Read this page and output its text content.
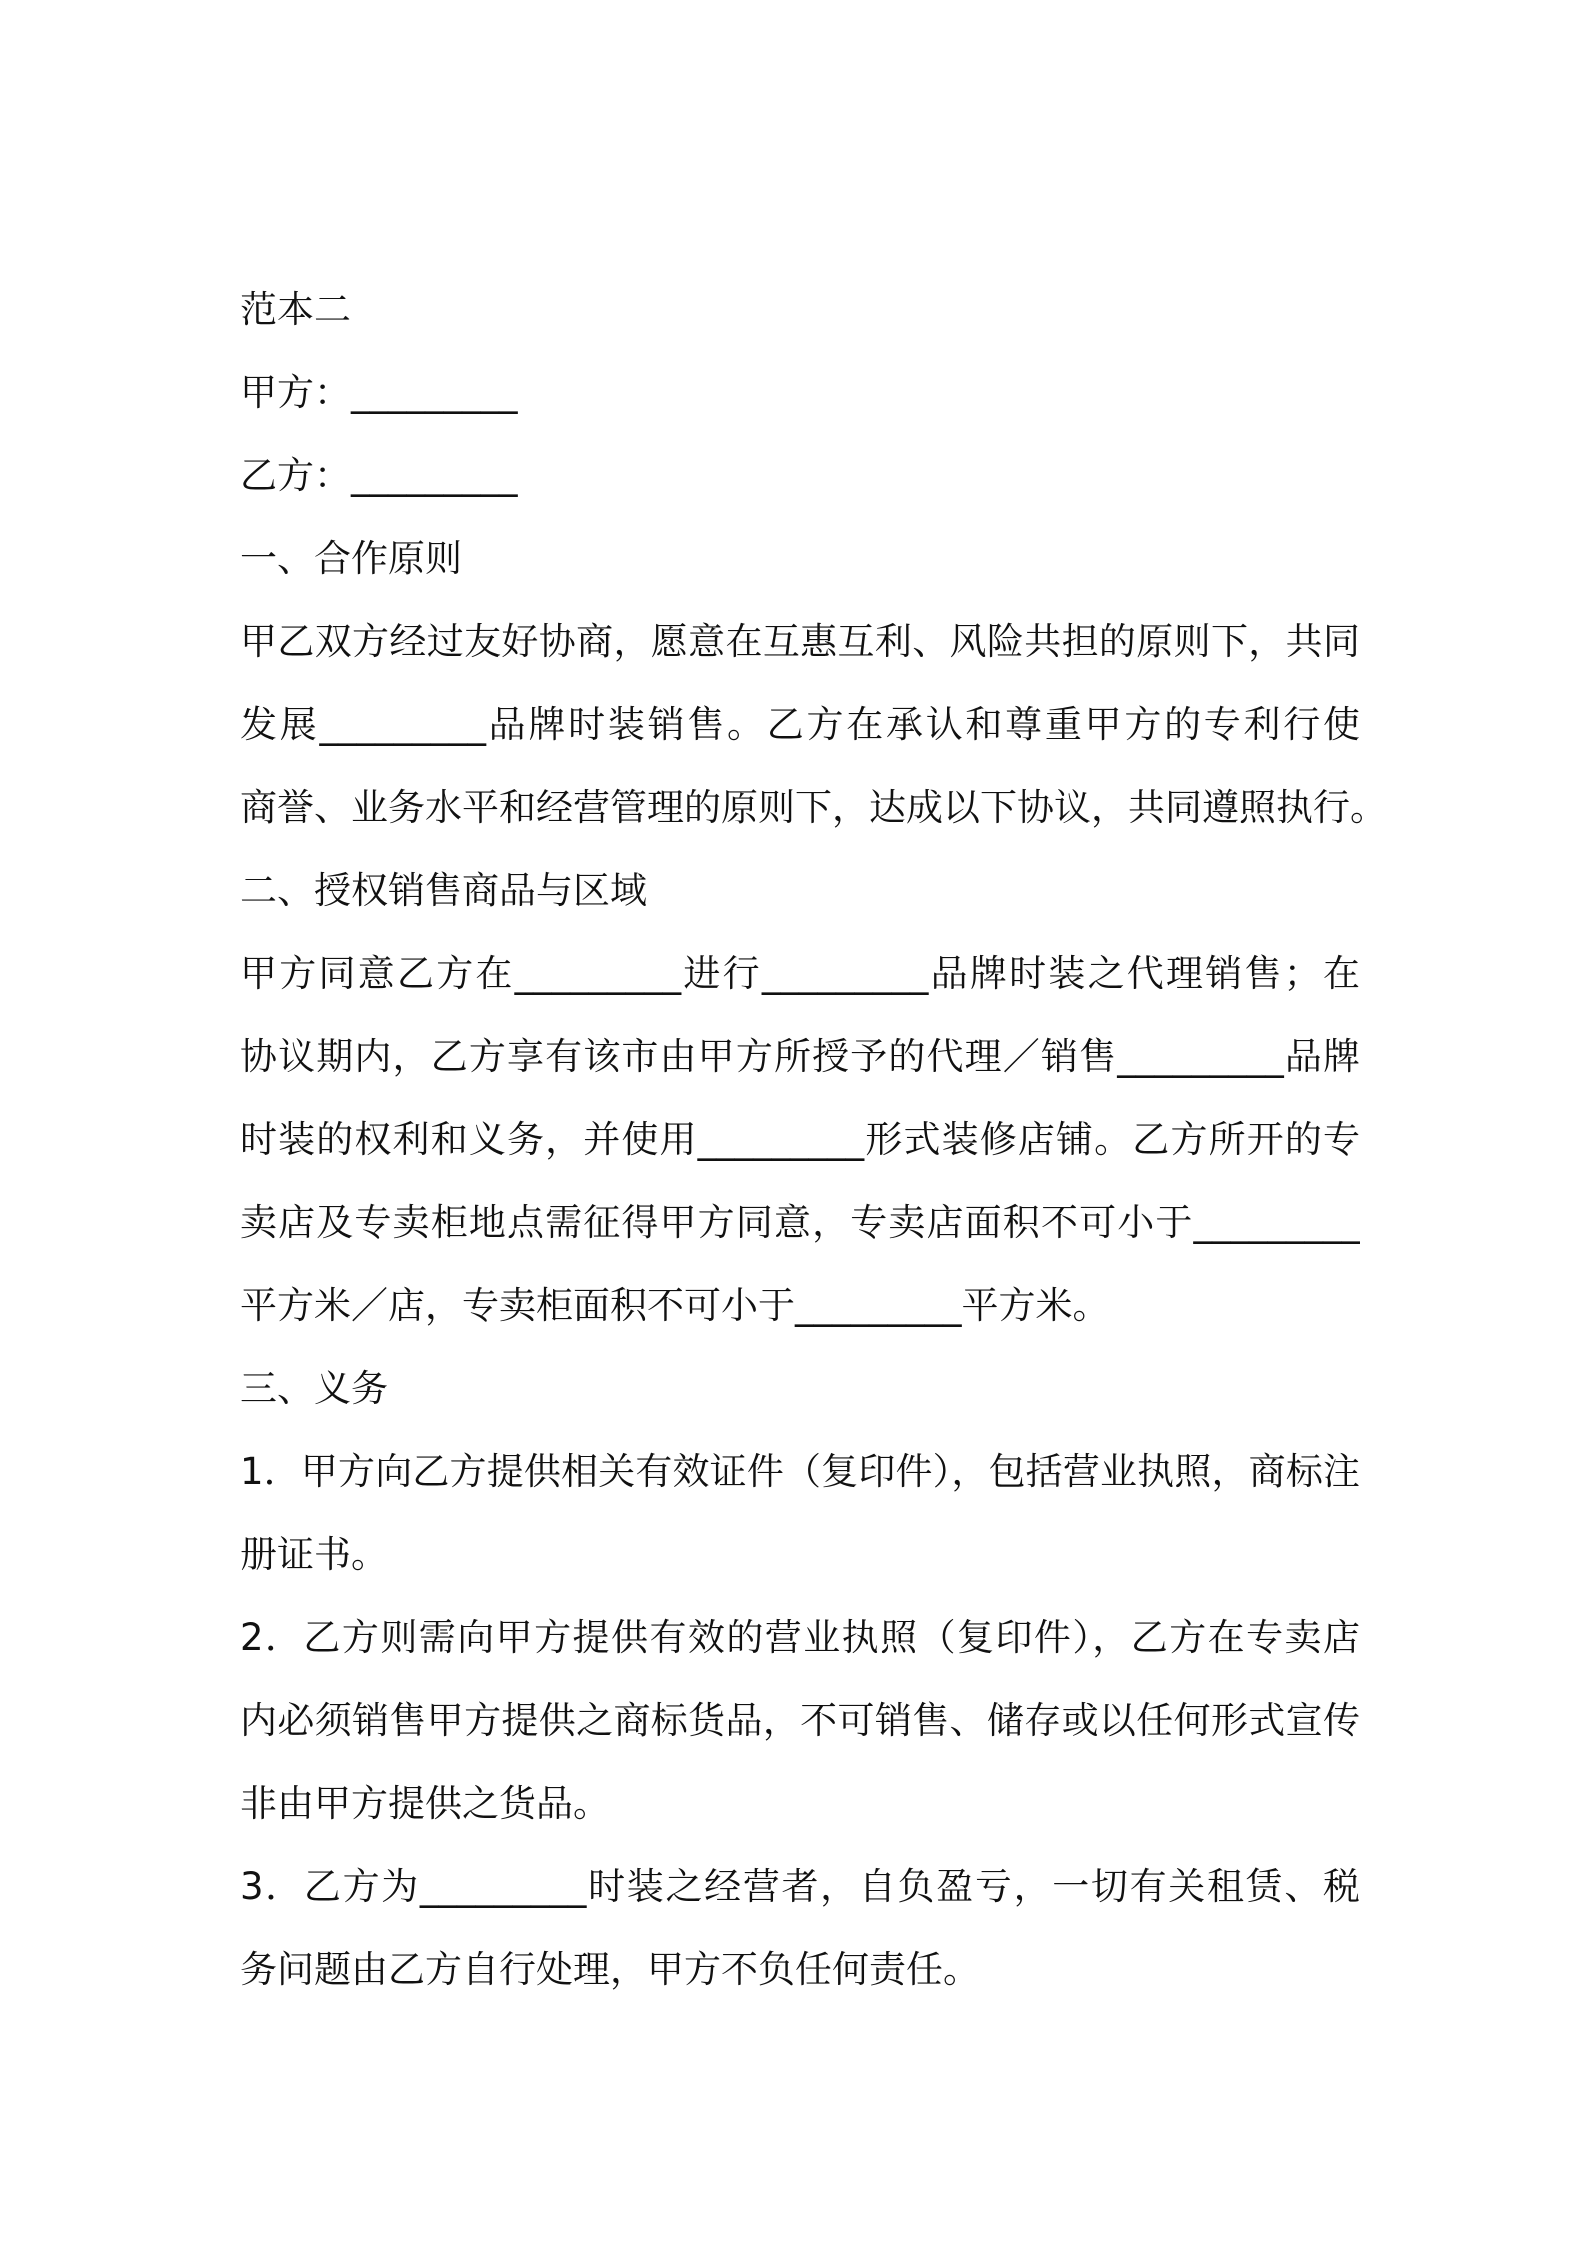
范本二
甲方：_________
乙方：_________
一、合作原则
甲乙双方经过友好协商，愿意在互惠互利、风险共担的原则下，共同
发展_________品牌时装销售。乙方在承认和尊重甲方的专利行使
商誉、业务水平和经营管理的原则下，达成以下协议，共同遵照执行。
二、授权销售商品与区域
甲方同意乙方在_________进行_________品牌时装之代理销售；在
协议期内，乙方享有该市由甲方所授予的代理／销售_________品牌
时装的权利和义务，并使用_________形式装修店铺。乙方所开的专
卖店及专卖柜地点需征得甲方同意，专卖店面积不可小于_________
平方米／店，专卖柜面积不可小于_________平方米。
三、义务
1．甲方向乙方提供相关有效证件（复印件），包括营业执照，商标注
册证书。
2．乙方则需向甲方提供有效的营业执照（复印件），乙方在专卖店
内必须销售甲方提供之商标货品，不可销售、储存或以任何形式宣传
非由甲方提供之货品。
3．乙方为_________时装之经营者，自负盈亏，一切有关租赁、税
务问题由乙方自行处理，甲方不负任何责任。
